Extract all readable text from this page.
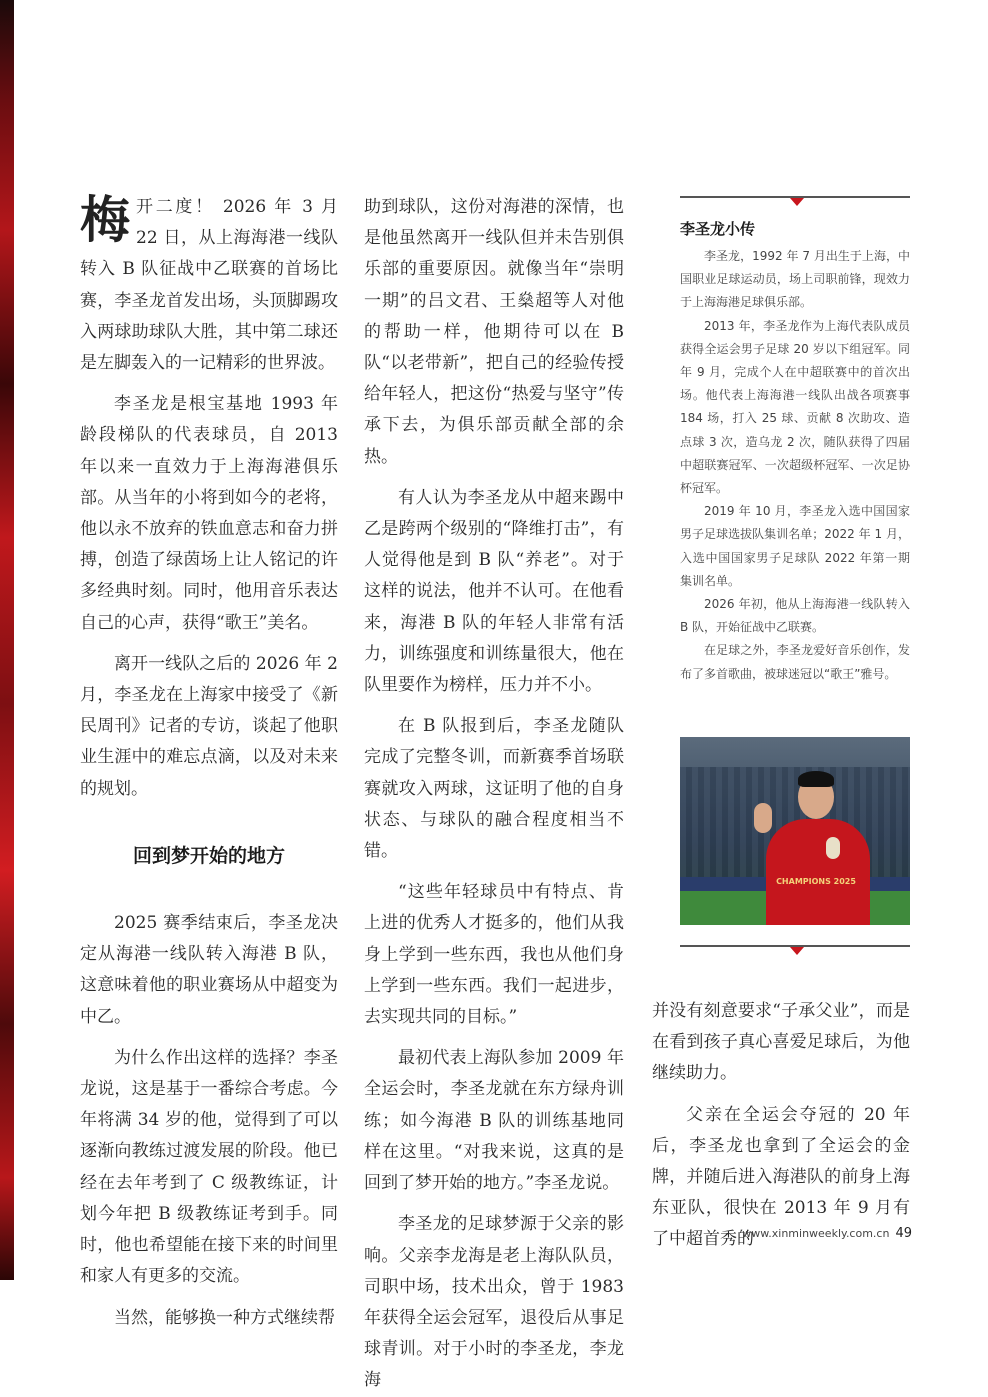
梅开二度！ 2026 年 3 月 22 日，从上海海港一线队转入 B 队征战中乙联赛的首场比赛，李圣龙首发出场，头顶脚踢攻入两球助球队大胜，其中第二球还是左脚轰入的一记精彩的世界波。

李圣龙是根宝基地 1993 年龄段梯队的代表球员，自 2013 年以来一直效力于上海海港俱乐部。从当年的小将到如今的老将，他以永不放弃的铁血意志和奋力拼搏，创造了绿茵场上让人铭记的许多经典时刻。同时，他用音乐表达自己的心声，获得“歌王”美名。

离开一线队之后的 2026 年 2 月，李圣龙在上海家中接受了《新民周刊》记者的专访，谈起了他职业生涯中的难忘点滴，以及对未来的规划。

回到梦开始的地方

2025 赛季结束后，李圣龙决定从海港一线队转入海港 B 队，这意味着他的职业赛场从中超变为中乙。

为什么作出这样的选择？李圣龙说，这是基于一番综合考虑。今年将满 34 岁的他，觉得到了可以逐渐向教练过渡发展的阶段。他已经在去年考到了 C 级教练证，计划今年把 B 级教练证考到手。同时，他也希望能在接下来的时间里和家人有更多的交流。

当然，能够换一种方式继续帮

助到球队，这份对海港的深情，也是他虽然离开一线队但并未告别俱乐部的重要原因。就像当年“崇明一期”的吕文君、王燊超等人对他的帮助一样，他期待可以在 B 队“以老带新”，把自己的经验传授给年轻人，把这份“热爱与坚守”传承下去，为俱乐部贡献全部的余热。

有人认为李圣龙从中超来踢中乙是跨两个级别的“降维打击”，有人觉得他是到 B 队“养老”。对于这样的说法，他并不认可。在他看来，海港 B 队的年轻人非常有活力，训练强度和训练量很大，他在队里要作为榜样，压力并不小。

在 B 队报到后，李圣龙随队完成了完整冬训，而新赛季首场联赛就攻入两球，这证明了他的自身状态、与球队的融合程度相当不错。

“这些年轻球员中有特点、肯上进的优秀人才挺多的，他们从我身上学到一些东西，我也从他们身上学到一些东西。我们一起进步，去实现共同的目标。”

最初代表上海队参加 2009 年全运会时，李圣龙就在东方绿舟训练；如今海港 B 队的训练基地同样在这里。“对我来说，这真的是回到了梦开始的地方。”李圣龙说。

李圣龙的足球梦源于父亲的影响。父亲李龙海是老上海队队员，司职中场，技术出众，曾于 1983 年获得全运会冠军，退役后从事足球青训。对于小时的李圣龙，李龙海

李圣龙小传

李圣龙，1992 年 7 月出生于上海，中国职业足球运动员，场上司职前锋，现效力于上海海港足球俱乐部。

2013 年，李圣龙作为上海代表队成员获得全运会男子足球 20 岁以下组冠军。同年 9 月，完成个人在中超联赛中的首次出场。他代表上海海港一线队出战各项赛事 184 场，打入 25 球、贡献 8 次助攻、造点球 3 次，造乌龙 2 次，随队获得了四届中超联赛冠军、一次超级杯冠军、一次足协杯冠军。

2019 年 10 月，李圣龙入选中国国家男子足球选拔队集训名单；2022 年 1 月，入选中国国家男子足球队 2022 年第一期集训名单。

2026 年初，他从上海海港一线队转入 B 队，开始征战中乙联赛。

在足球之外，李圣龙爱好音乐创作，发布了多首歌曲，被球迷冠以“歌王”雅号。

CHAMPIONS 2025

并没有刻意要求“子承父业”，而是在看到孩子真心喜爱足球后，为他继续助力。

父亲在全运会夺冠的 20 年后，李圣龙也拿到了全运会的金牌，并随后进入海港队的前身上海东亚队，很快在 2013 年 9 月有了中超首秀的

www.xinminweekly.com.cn 49
